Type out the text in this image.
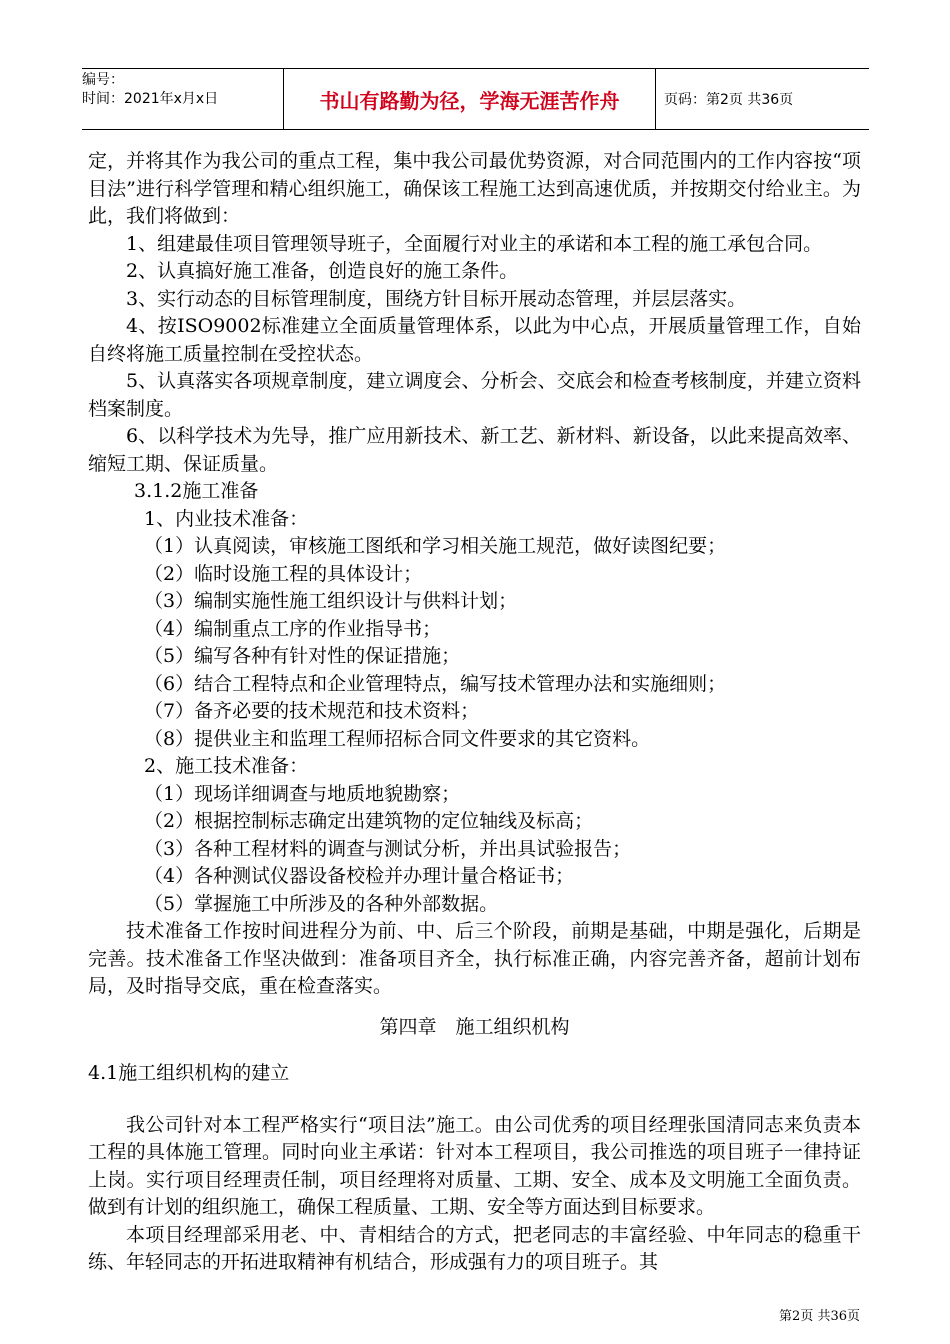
编号：
时间：2021年x月x日	书山有路勤为径，学海无涯苦作舟	页码：第2页 共36页

定，并将其作为我公司的重点工程，集中我公司最优势资源，对合同范围内的工作内容按“项目法”进行科学管理和精心组织施工，确保该工程施工达到高速优质，并按期交付给业主。为此，我们将做到：

1、组建最佳项目管理领导班子，全面履行对业主的承诺和本工程的施工承包合同。

2、认真搞好施工准备，创造良好的施工条件。

3、实行动态的目标管理制度，围绕方针目标开展动态管理，并层层落实。

4、按ISO9002标准建立全面质量管理体系，以此为中心点，开展质量管理工作，自始自终将施工质量控制在受控状态。

5、认真落实各项规章制度，建立调度会、分析会、交底会和检查考核制度，并建立资料档案制度。

6、以科学技术为先导，推广应用新技术、新工艺、新材料、新设备，以此来提高效率、缩短工期、保证质量。

3.1.2施工准备

1、内业技术准备：

（1）认真阅读，审核施工图纸和学习相关施工规范，做好读图纪要；

（2）临时设施工程的具体设计；

（3）编制实施性施工组织设计与供料计划；

（4）编制重点工序的作业指导书；

（5）编写各种有针对性的保证措施；

（6）结合工程特点和企业管理特点，编写技术管理办法和实施细则；

（7）备齐必要的技术规范和技术资料；

（8）提供业主和监理工程师招标合同文件要求的其它资料。

2、施工技术准备：

（1）现场详细调查与地质地貌勘察；

（2）根据控制标志确定出建筑物的定位轴线及标高；

（3）各种工程材料的调查与测试分析，并出具试验报告；

（4）各种测试仪器设备校检并办理计量合格证书；

（5）掌握施工中所涉及的各种外部数据。

技术准备工作按时间进程分为前、中、后三个阶段，前期是基础，中期是强化，后期是完善。技术准备工作坚决做到：准备项目齐全，执行标准正确，内容完善齐备，超前计划布局，及时指导交底，重在检查落实。

第四章　施工组织机构

4.1施工组织机构的建立

我公司针对本工程严格实行“项目法”施工。由公司优秀的项目经理张国清同志来负责本工程的具体施工管理。同时向业主承诺：针对本工程项目，我公司推选的项目班子一律持证上岗。实行项目经理责任制，项目经理将对质量、工期、安全、成本及文明施工全面负责。做到有计划的组织施工，确保工程质量、工期、安全等方面达到目标要求。

本项目经理部采用老、中、青相结合的方式，把老同志的丰富经验、中年同志的稳重干练、年轻同志的开拓进取精神有机结合，形成强有力的项目班子。其

第2页 共36页
